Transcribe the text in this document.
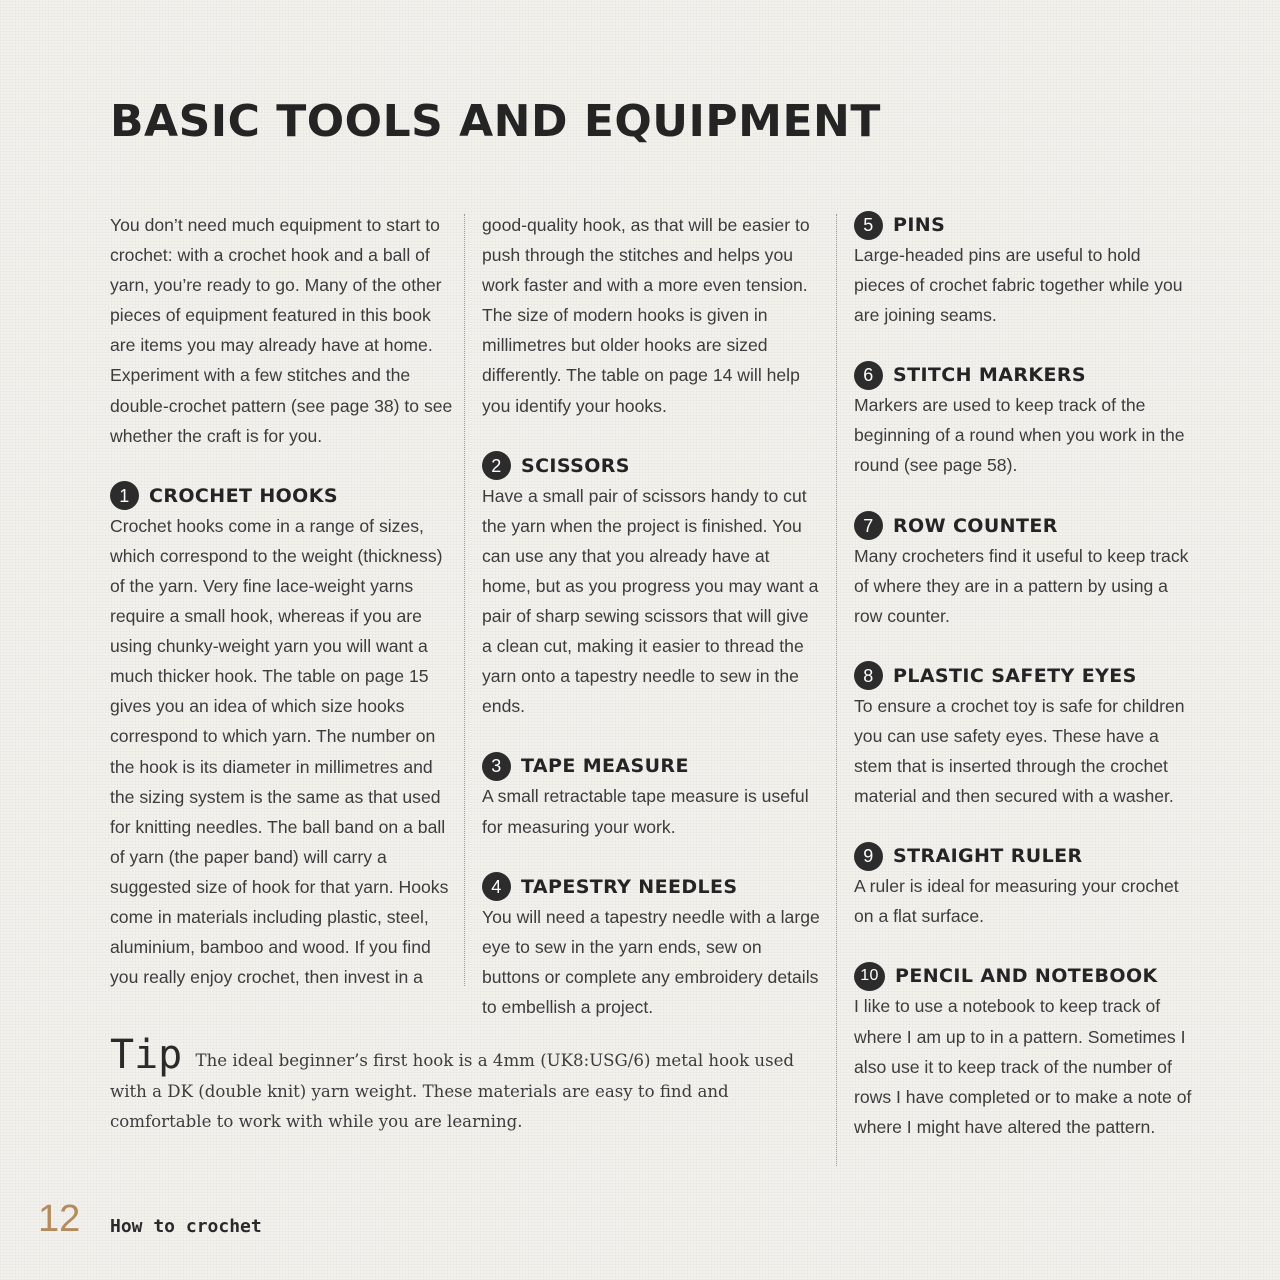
BASIC TOOLS AND EQUIPMENT

You don’t need much equipment to start to crochet: with a crochet hook and a ball of yarn, you’re ready to go. Many of the other pieces of equipment featured in this book are items you may already have at home. Experiment with a few stitches and the double-crochet pattern (see page 38) to see whether the craft is for you.

1	CROCHET HOOKS

Crochet hooks come in a range of sizes, which correspond to the weight (thickness) of the yarn. Very fine lace-weight yarns require a small hook, whereas if you are using chunky-weight yarn you will want a much thicker hook. The table on page 15 gives you an idea of which size hooks correspond to which yarn. The number on the hook is its diameter in millimetres and the sizing system is the same as that used for knitting needles. The ball band on a ball of yarn (the paper band) will carry a suggested size of hook for that yarn. Hooks come in materials including plastic, steel, aluminium, bamboo and wood. If you find you really enjoy crochet, then invest in a

good-quality hook, as that will be easier to push through the stitches and helps you work faster and with a more even tension. The size of modern hooks is given in millimetres but older hooks are sized differently. The table on page 14 will help you identify your hooks.

2	SCISSORS

Have a small pair of scissors handy to cut the yarn when the project is finished. You can use any that you already have at home, but as you progress you may want a pair of sharp sewing scissors that will give a clean cut, making it easier to thread the yarn onto a tapestry needle to sew in the ends.

3	TAPE MEASURE

A small retractable tape measure is useful for measuring your work.

4	TAPESTRY NEEDLES

You will need a tapestry needle with a large eye to sew in the yarn ends, sew on buttons or complete any embroidery details to embellish a project.

5	PINS

Large-headed pins are useful to hold pieces of crochet fabric together while you are joining seams.

6	STITCH MARKERS

Markers are used to keep track of the beginning of a round when you work in the round (see page 58).

7	ROW COUNTER

Many crocheters find it useful to keep track of where they are in a pattern by using a row counter.

8	PLASTIC SAFETY EYES

To ensure a crochet toy is safe for children you can use safety eyes. These have a stem that is inserted through the crochet material and then secured with a washer.

9	STRAIGHT RULER

A ruler is ideal for measuring your crochet on a flat surface.

10 PENCIL AND NOTEBOOK

I like to use a notebook to keep track of where I am up to in a pattern. Sometimes I also use it to keep track of the number of rows I have completed or to make a note of where I might have altered the pattern.

Tip The ideal beginner’s first hook is a 4mm (UK8:USG/6) metal hook used with a DK (double knit) yarn weight. These materials are easy to find and comfortable to work with while you are learning.
12 How to crochet
